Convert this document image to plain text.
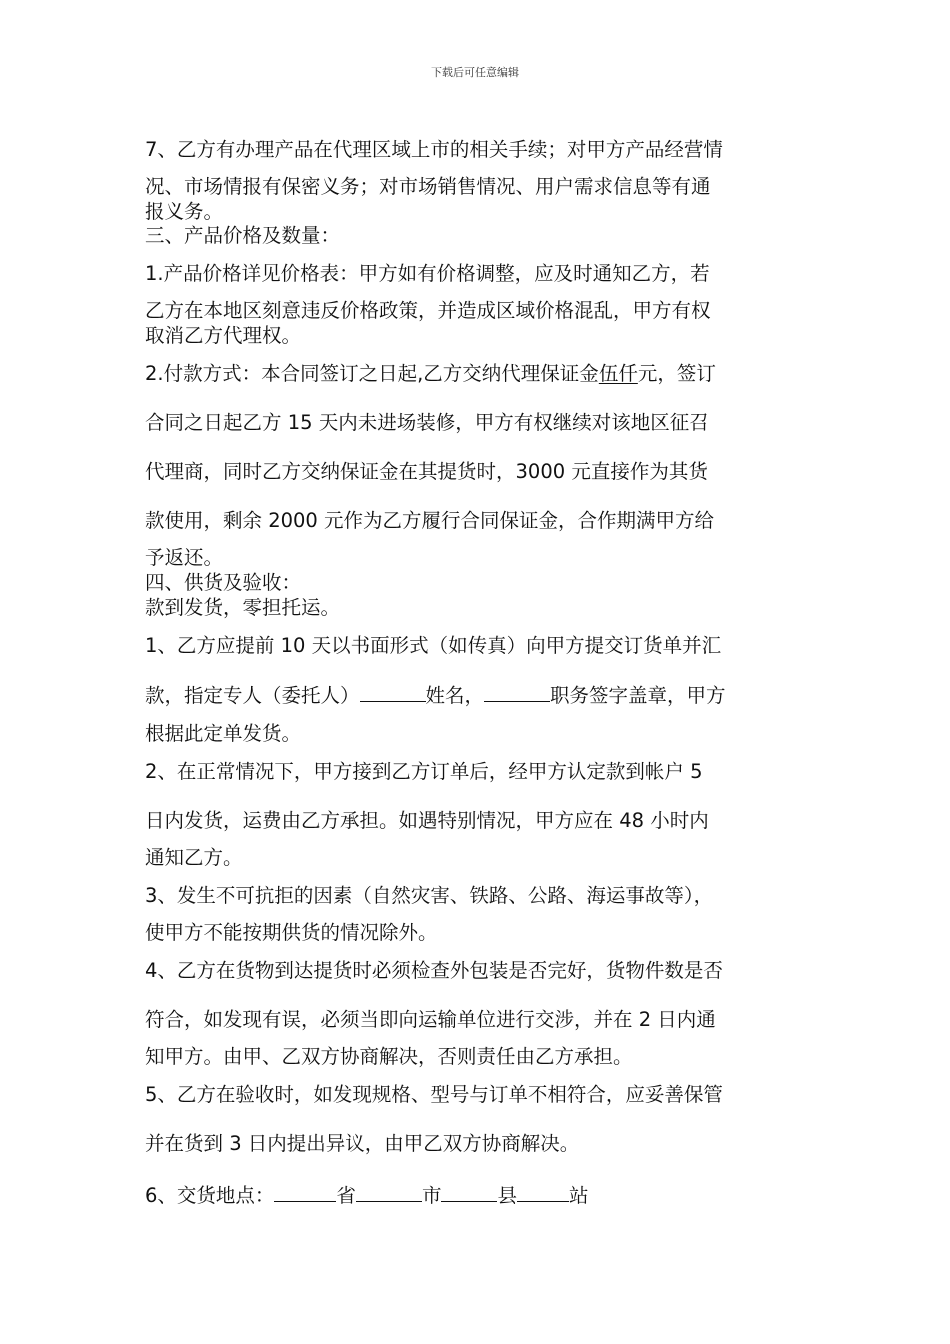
下载后可任意编辑
7、乙方有办理产品在代理区域上市的相关手续；对甲方产品经营情
况、市场情报有保密义务；对市场销售情况、用户需求信息等有通
报义务。
三、产品价格及数量：
1.产品价格详见价格表：甲方如有价格调整，应及时通知乙方，若
乙方在本地区刻意违反价格政策，并造成区域价格混乱，甲方有权
取消乙方代理权。
2.付款方式：本合同签订之日起,乙方交纳代理保证金伍仟元，签订
合同之日起乙方 15 天内未进场装修，甲方有权继续对该地区征召
代理商，同时乙方交纳保证金在其提货时，3000 元直接作为其货
款使用，剩余 2000 元作为乙方履行合同保证金，合作期满甲方给
予返还。
四、供货及验收：
款到发货，零担托运。
1、乙方应提前 10 天以书面形式（如传真）向甲方提交订货单并汇
款，指定专人（委托人）	姓名，	职务签字盖章，甲方
根据此定单发货。
2、在正常情况下，甲方接到乙方订单后，经甲方认定款到帐户 5
日内发货，运费由乙方承担。如遇特别情况，甲方应在 48 小时内
通知乙方。
3、发生不可抗拒的因素（自然灾害、铁路、公路、海运事故等），
使甲方不能按期供货的情况除外。
4、乙方在货物到达提货时必须检查外包装是否完好，货物件数是否
符合，如发现有误，必须当即向运输单位进行交涉，并在 2 日内通
知甲方。由甲、乙双方协商解决，否则责任由乙方承担。
5、乙方在验收时，如发现规格、型号与订单不相符合，应妥善保管
并在货到 3 日内提出异议，由甲乙双方协商解决。
6、交货地点：	省	市	县	站
